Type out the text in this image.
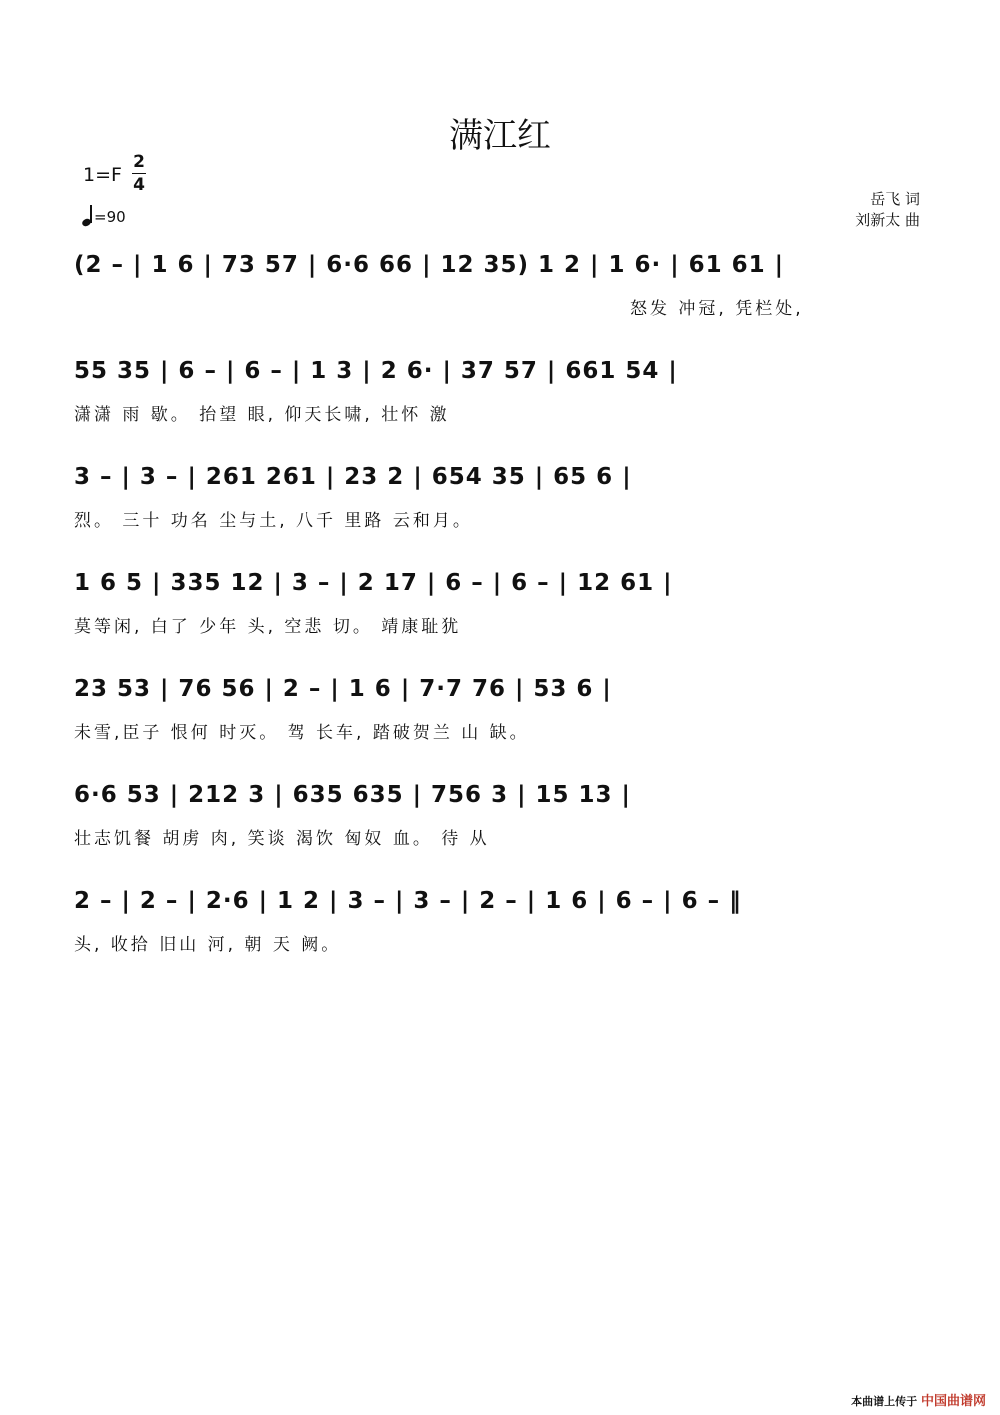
满江红
1=F
2
4
=90
岳飞 词
刘新太 曲
(2 – | 1 6 | 73 57 | 6·6 66 | 12 35) 1 2 | 1 6· | 61 61 |
怒发 冲冠, 凭栏处,
55 35 | 6 – | 6 – | 1 3 | 2 6· | 37 57 | 661 54 |
潇潇 雨 歇。 抬望 眼, 仰天长啸, 壮怀 激
3 – | 3 – | 261 261 | 23 2 | 654 35 | 65 6 |
烈。 三十 功名 尘与土, 八千 里路 云和月。
1 6 5 | 335 12 | 3 – | 2 17 | 6 – | 6 – | 12 61 |
莫等闲, 白了 少年 头, 空悲 切。 靖康耻犹
23 53 | 76 56 | 2 – | 1 6 | 7·7 76 | 53 6 |
未雪,臣子 恨何 时灭。 驾 长车, 踏破贺兰 山 缺。
6·6 53 | 212 3 | 635 635 | 756 3 | 15 13 |
壮志饥餐 胡虏 肉, 笑谈 渴饮 匈奴 血。 待 从
2 – | 2 – | 2·6 | 1 2 | 3 – | 3 – | 2 – | 1 6 | 6 – | 6 – ‖
头, 收拾 旧山 河, 朝 天 阙。
本曲谱上传于 中国曲谱网
